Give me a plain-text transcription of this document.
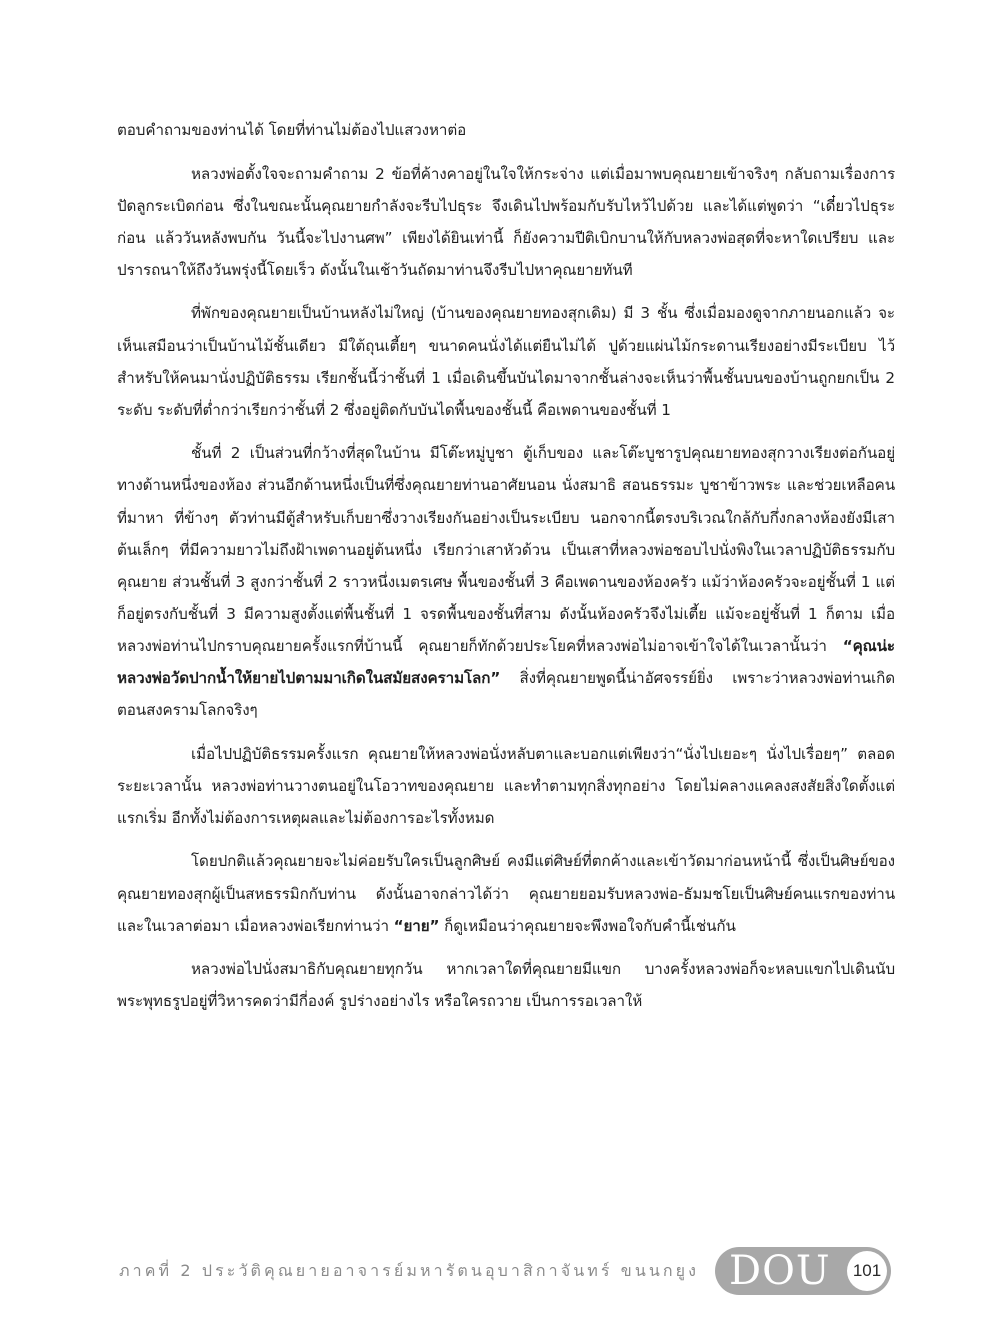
ตอบคำถามของท่านได้ โดยที่ท่านไม่ต้องไปแสวงหาต่อ

หลวงพ่อตั้งใจจะถามคำถาม 2 ข้อที่ค้างคาอยู่ในใจให้กระจ่าง แต่เมื่อมาพบคุณยายเข้าจริงๆ กลับถามเรื่องการปัดลูกระเบิดก่อน ซึ่งในขณะนั้นคุณยายกำลังจะรีบไปธุระ จึงเดินไปพร้อมกับรับไหว้ไปด้วย และได้แต่พูดว่า “เดี๋ยวไปธุระก่อน แล้ววันหลังพบกัน วันนี้จะไปงานศพ” เพียงได้ยินเท่านี้ ก็ยังความปีติเบิกบานให้กับหลวงพ่อสุดที่จะหาใดเปรียบ และปรารถนาให้ถึงวันพรุ่งนี้โดยเร็ว ดังนั้นในเช้าวันถัดมาท่านจึงรีบไปหาคุณยายทันที

ที่พักของคุณยายเป็นบ้านหลังไม่ใหญ่ (บ้านของคุณยายทองสุกเดิม) มี 3 ชั้น ซึ่งเมื่อมองดูจากภายนอกแล้ว จะเห็นเสมือนว่าเป็นบ้านไม้ชั้นเดียว มีใต้ถุนเตี้ยๆ ขนาดคนนั่งได้แต่ยืนไม่ได้ ปูด้วยแผ่นไม้กระดานเรียงอย่างมีระเบียบ ไว้สำหรับให้คนมานั่งปฏิบัติธรรม เรียกชั้นนี้ว่าชั้นที่ 1 เมื่อเดินขึ้นบันไดมาจากชั้นล่างจะเห็นว่าพื้นชั้นบนของบ้านถูกยกเป็น 2 ระดับ ระดับที่ต่ำกว่าเรียกว่าชั้นที่ 2 ซึ่งอยู่ติดกับบันไดพื้นของชั้นนี้ คือเพดานของชั้นที่ 1

ชั้นที่ 2 เป็นส่วนที่กว้างที่สุดในบ้าน มีโต๊ะหมู่บูชา ตู้เก็บของ และโต๊ะบูชารูปคุณยายทองสุกวางเรียงต่อกันอยู่ทางด้านหนึ่งของห้อง ส่วนอีกด้านหนึ่งเป็นที่ซึ่งคุณยายท่านอาศัยนอน นั่งสมาธิ สอนธรรมะ บูชาข้าวพระ และช่วยเหลือคนที่มาหา ที่ข้างๆ ตัวท่านมีตู้สำหรับเก็บยาซึ่งวางเรียงกันอย่างเป็นระเบียบ นอกจากนี้ตรงบริเวณใกล้กับกึ่งกลางห้องยังมีเสาต้นเล็กๆ ที่มีความยาวไม่ถึงฝ้าเพดานอยู่ต้นหนึ่ง เรียกว่าเสาหัวด้วน เป็นเสาที่หลวงพ่อชอบไปนั่งพิงในเวลาปฏิบัติธรรมกับคุณยาย ส่วนชั้นที่ 3 สูงกว่าชั้นที่ 2 ราวหนึ่งเมตรเศษ พื้นของชั้นที่ 3 คือเพดานของห้องครัว แม้ว่าห้องครัวจะอยู่ชั้นที่ 1 แต่ก็อยู่ตรงกับชั้นที่ 3 มีความสูงตั้งแต่พื้นชั้นที่ 1 จรดพื้นของชั้นที่สาม ดังนั้นห้องครัวจึงไม่เตี้ย แม้จะอยู่ชั้นที่ 1 ก็ตาม เมื่อหลวงพ่อท่านไปกราบคุณยายครั้งแรกที่บ้านนี้ คุณยายก็ทักด้วยประโยคที่หลวงพ่อไม่อาจเข้าใจได้ในเวลานั้นว่า “คุณน่ะหลวงพ่อวัดปากน้ำให้ยายไปตามมาเกิดในสมัยสงครามโลก” สิ่งที่คุณยายพูดนี้น่าอัศจรรย์ยิ่ง เพราะว่าหลวงพ่อท่านเกิดตอนสงครามโลกจริงๆ

เมื่อไปปฏิบัติธรรมครั้งแรก คุณยายให้หลวงพ่อนั่งหลับตาและบอกแต่เพียงว่า“นั่งไปเยอะๆ นั่งไปเรื่อยๆ” ตลอดระยะเวลานั้น หลวงพ่อท่านวางตนอยู่ในโอวาทของคุณยาย และทำตามทุกสิ่งทุกอย่าง โดยไม่คลางแคลงสงสัยสิ่งใดตั้งแต่แรกเริ่ม อีกทั้งไม่ต้องการเหตุผลและไม่ต้องการอะไรทั้งหมด

โดยปกติแล้วคุณยายจะไม่ค่อยรับใครเป็นลูกศิษย์ คงมีแต่ศิษย์ที่ตกค้างและเข้าวัดมาก่อนหน้านี้ ซึ่งเป็นศิษย์ของคุณยายทองสุกผู้เป็นสหธรรมิกกับท่าน ดังนั้นอาจกล่าวได้ว่า คุณยายยอมรับหลวงพ่อ-ธัมมชโยเป็นศิษย์คนแรกของท่าน และในเวลาต่อมา เมื่อหลวงพ่อเรียกท่านว่า “ยาย” ก็ดูเหมือนว่าคุณยายจะพึงพอใจกับคำนี้เช่นกัน

หลวงพ่อไปนั่งสมาธิกับคุณยายทุกวัน หากเวลาใดที่คุณยายมีแขก บางครั้งหลวงพ่อก็จะหลบแขกไปเดินนับพระพุทธรูปอยู่ที่วิหารคดว่ามีกี่องค์ รูปร่างอย่างไร หรือใครถวาย เป็นการรอเวลาให้

ภาคที่ 2 ประวัติคุณยายอาจารย์มหารัตนอุบาสิกาจันทร์ ขนนกยูง DOU	101
